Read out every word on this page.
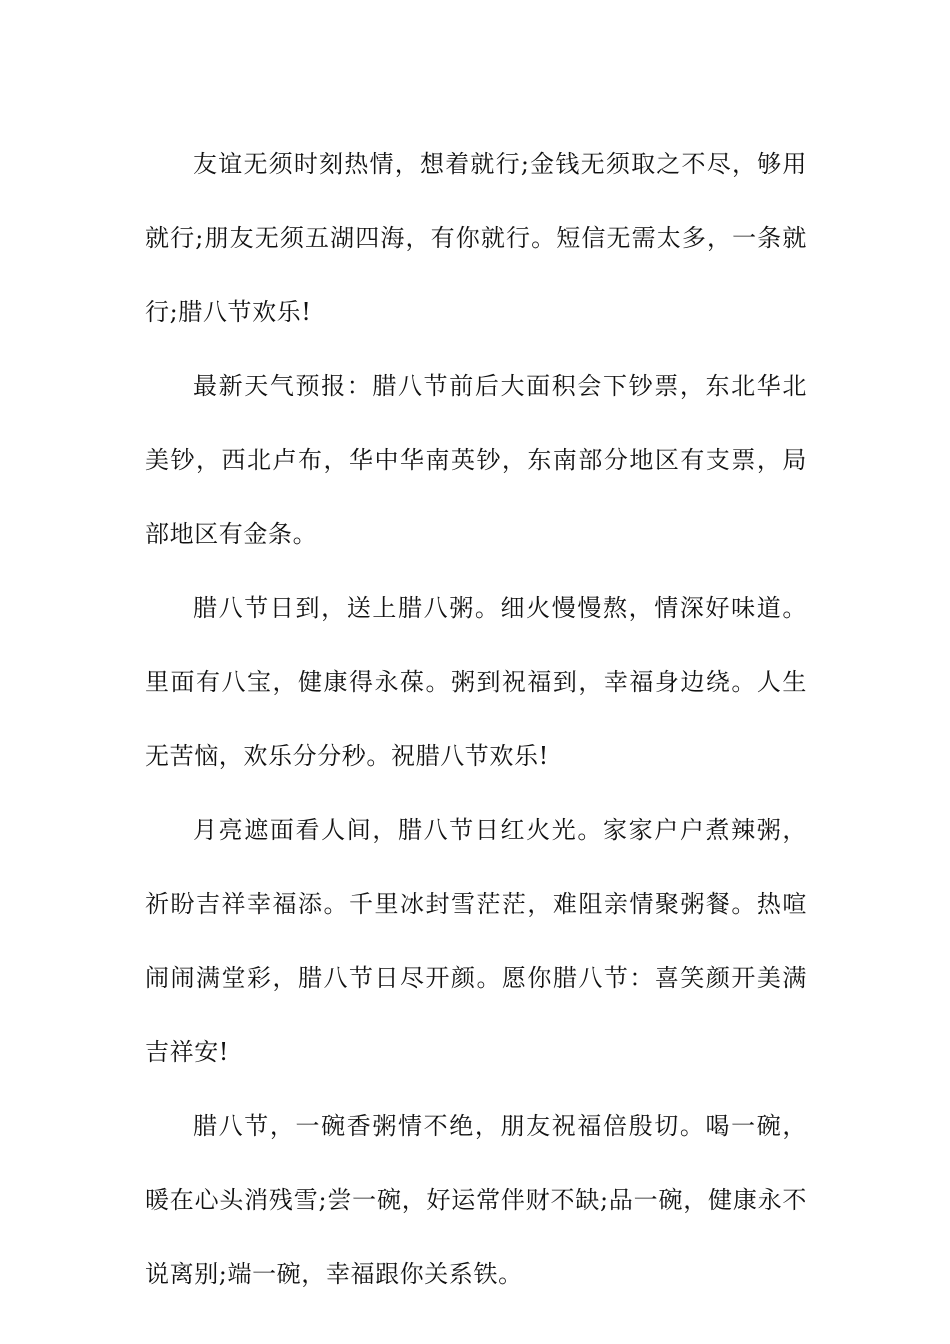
友谊无须时刻热情，想着就行;金钱无须取之不尽，够用就行;朋友无须五湖四海，有你就行。短信无需太多，一条就行;腊八节欢乐!

最新天气预报：腊八节前后大面积会下钞票，东北华北美钞，西北卢布，华中华南英钞，东南部分地区有支票，局部地区有金条。

腊八节日到，送上腊八粥。细火慢慢熬，情深好味道。里面有八宝，健康得永葆。粥到祝福到，幸福身边绕。人生无苦恼，欢乐分分秒。祝腊八节欢乐!

月亮遮面看人间，腊八节日红火光。家家户户煮辣粥，祈盼吉祥幸福添。千里冰封雪茫茫，难阻亲情聚粥餐。热喧闹闹满堂彩，腊八节日尽开颜。愿你腊八节：喜笑颜开美满吉祥安!

腊八节，一碗香粥情不绝，朋友祝福倍殷切。喝一碗，暖在心头消残雪;尝一碗，好运常伴财不缺;品一碗，健康永不说离别;端一碗，幸福跟你关系铁。
